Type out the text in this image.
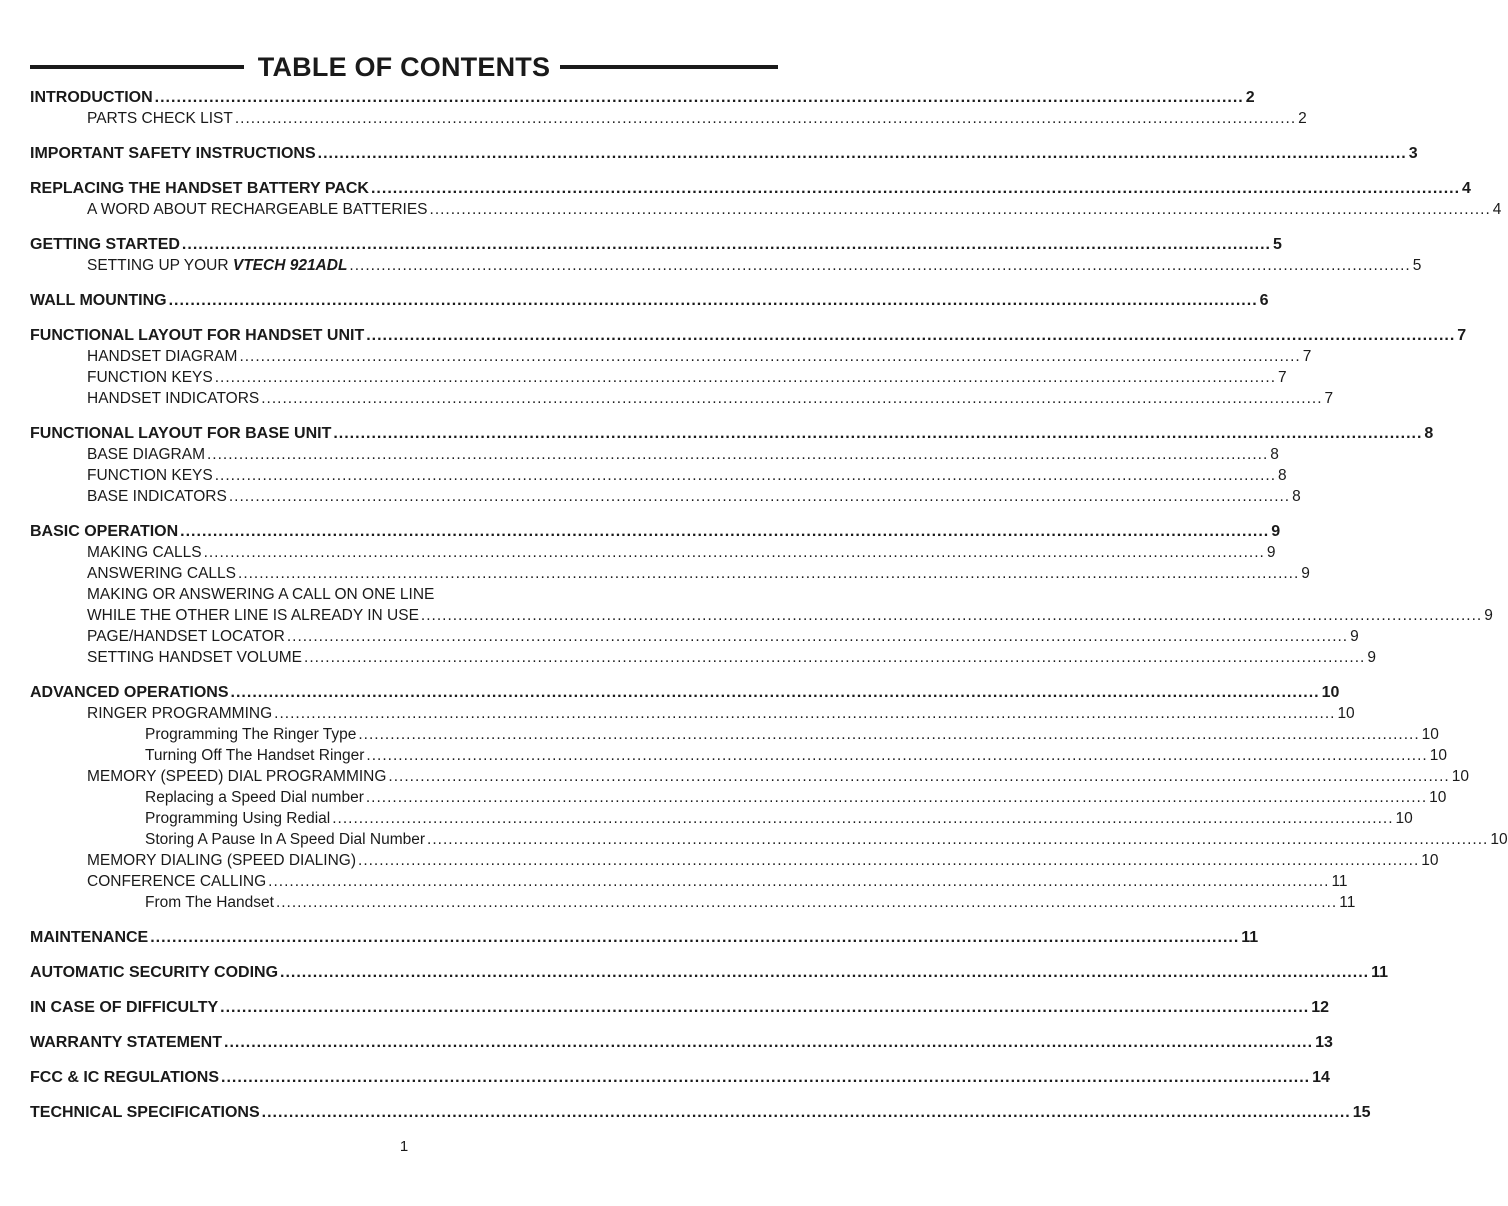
TABLE OF CONTENTS
INTRODUCTION ........................................................................................................................................................................................................ 2
PARTS CHECK LIST ........................................................................................................................................................................................................ 2
IMPORTANT SAFETY INSTRUCTIONS ........................................................................................................................................................................................................ 3
REPLACING THE HANDSET BATTERY PACK ........................................................................................................................................................................................................ 4
A WORD ABOUT RECHARGEABLE BATTERIES ........................................................................................................................................................................................................ 4
GETTING STARTED ........................................................................................................................................................................................................ 5
SETTING UP YOUR
VTECH 921ADL ........................................................................................................................................................................................................ 5
WALL MOUNTING ........................................................................................................................................................................................................ 6
FUNCTIONAL LAYOUT FOR HANDSET UNIT ........................................................................................................................................................................................................ 7
HANDSET DIAGRAM ........................................................................................................................................................................................................ 7
FUNCTION KEYS ........................................................................................................................................................................................................ 7
HANDSET INDICATORS ........................................................................................................................................................................................................ 7
FUNCTIONAL LAYOUT FOR BASE UNIT ........................................................................................................................................................................................................ 8
BASE DIAGRAM ........................................................................................................................................................................................................ 8
FUNCTION KEYS ........................................................................................................................................................................................................ 8
BASE INDICATORS ........................................................................................................................................................................................................ 8
BASIC OPERATION ........................................................................................................................................................................................................ 9
MAKING CALLS ........................................................................................................................................................................................................ 9
ANSWERING CALLS ........................................................................................................................................................................................................ 9
MAKING OR ANSWERING A CALL ON ONE LINE
WHILE THE OTHER LINE IS ALREADY IN USE ........................................................................................................................................................................................................ 9
PAGE/HANDSET LOCATOR ........................................................................................................................................................................................................ 9
SETTING HANDSET VOLUME ........................................................................................................................................................................................................ 9
ADVANCED OPERATIONS ........................................................................................................................................................................................................ 10
RINGER PROGRAMMING ........................................................................................................................................................................................................ 10
Programming The Ringer Type ........................................................................................................................................................................................................ 10
Turning Off The Handset Ringer ........................................................................................................................................................................................................ 10
MEMORY (SPEED) DIAL PROGRAMMING ........................................................................................................................................................................................................ 10
Replacing a Speed Dial number ........................................................................................................................................................................................................ 10
Programming Using Redial ........................................................................................................................................................................................................ 10
Storing A Pause In A Speed Dial Number ........................................................................................................................................................................................................ 10
MEMORY DIALING (SPEED DIALING) ........................................................................................................................................................................................................ 10
CONFERENCE CALLING ........................................................................................................................................................................................................ 11
From The Handset ........................................................................................................................................................................................................ 11
MAINTENANCE ........................................................................................................................................................................................................ 11
AUTOMATIC SECURITY CODING ........................................................................................................................................................................................................ 11
IN CASE OF DIFFICULTY ........................................................................................................................................................................................................ 12
WARRANTY STATEMENT ........................................................................................................................................................................................................ 13
FCC & IC REGULATIONS ........................................................................................................................................................................................................ 14
TECHNICAL SPECIFICATIONS ........................................................................................................................................................................................................ 15
1
